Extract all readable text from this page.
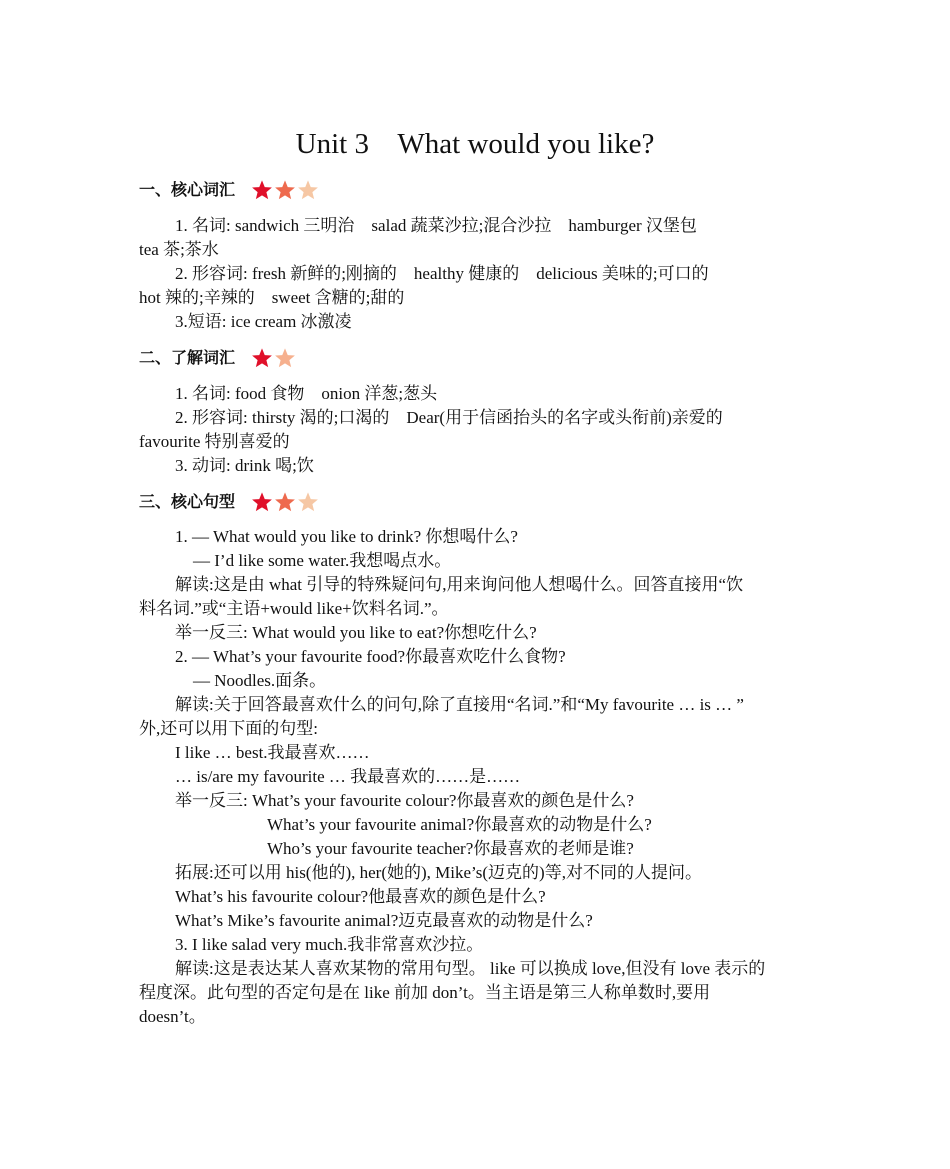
Unit 3    What would you like?
一、核心词汇
1. 名词: sandwich 三明治    salad 蔬菜沙拉;混合沙拉    hamburger 汉堡包
tea 茶;茶水
2. 形容词: fresh 新鲜的;刚摘的    healthy 健康的    delicious 美味的;可口的
hot 辣的;辛辣的    sweet 含糖的;甜的
3.短语: ice cream 冰激凌
二、了解词汇
1. 名词: food 食物    onion 洋葱;葱头
2. 形容词: thirsty 渴的;口渴的    Dear(用于信函抬头的名字或头衔前)亲爱的
favourite 特别喜爱的
3. 动词: drink 喝;饮
三、核心句型
1. — What would you like to drink? 你想喝什么?
— I’d like some water.我想喝点水。
解读:这是由 what 引导的特殊疑问句,用来询问他人想喝什么。回答直接用“饮
料名词.”或“主语+would like+饮料名词.”。
举一反三: What would you like to eat?你想吃什么?
2. — What’s your favourite food?你最喜欢吃什么食物?
— Noodles.面条。
解读:关于回答最喜欢什么的问句,除了直接用“名词.”和“My favourite … is … ”
外,还可以用下面的句型:
I like … best.我最喜欢……
… is/are my favourite … 我最喜欢的……是……
举一反三: What’s your favourite colour?你最喜欢的颜色是什么?
What’s your favourite animal?你最喜欢的动物是什么?
Who’s your favourite teacher?你最喜欢的老师是谁?
拓展:还可以用 his(他的), her(她的), Mike’s(迈克的)等,对不同的人提问。
What’s his favourite colour?他最喜欢的颜色是什么?
What’s Mike’s favourite animal?迈克最喜欢的动物是什么?
3. I like salad very much.我非常喜欢沙拉。
解读:这是表达某人喜欢某物的常用句型。 like 可以换成 love,但没有 love 表示的
程度深。此句型的否定句是在 like 前加 don’t。当主语是第三人称单数时,要用
doesn’t。
